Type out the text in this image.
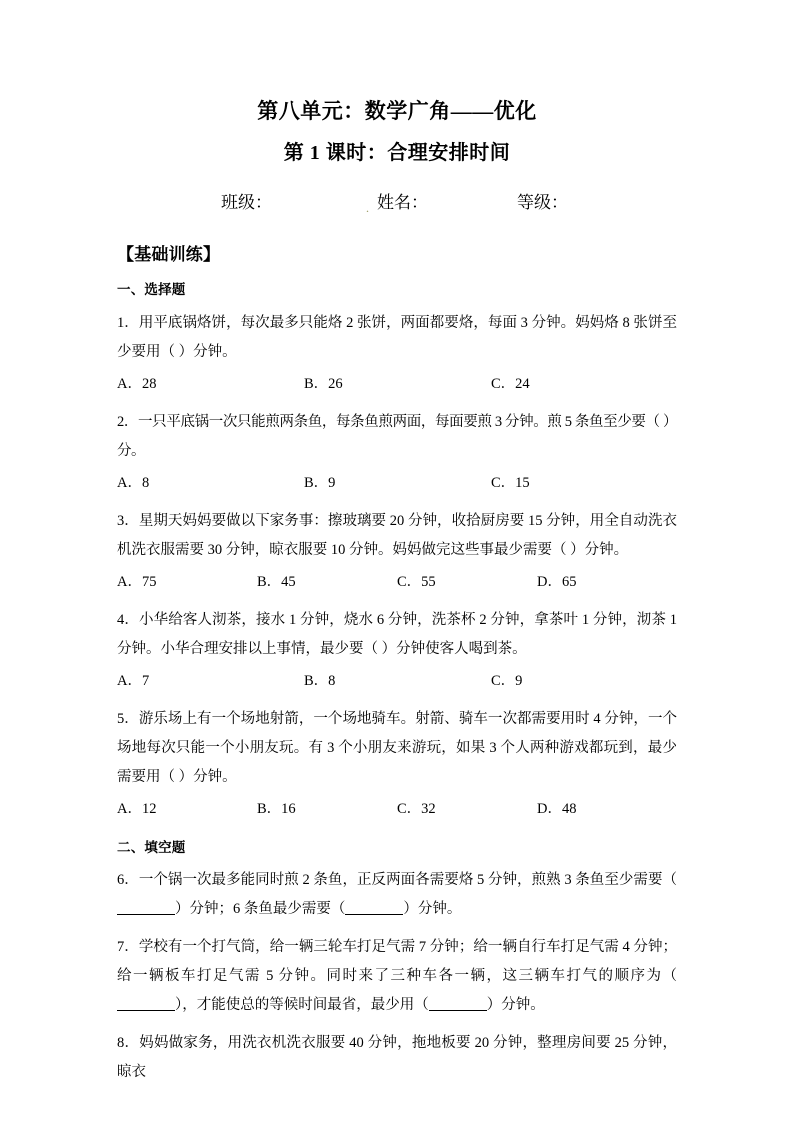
第八单元：数学广角——优化
第 1 课时：合理安排时间
班级：	. 姓名：	等级：
【基础训练】
一、选择题
1．用平底锅烙饼，每次最多只能烙 2 张饼，两面都要烙，每面 3 分钟。妈妈烙 8 张饼至少要用（ ）分钟。
A．28	B．26	C．24
2．一只平底锅一次只能煎两条鱼，每条鱼煎两面，每面要煎 3 分钟。煎 5 条鱼至少要（ ）分。
A．8	B．9	C．15
3．星期天妈妈要做以下家务事：擦玻璃要 20 分钟，收拾厨房要 15 分钟，用全自动洗衣机洗衣服需要 30 分钟，晾衣服要 10 分钟。妈妈做完这些事最少需要（ ）分钟。
A．75	B．45	C．55	D．65
4．小华给客人沏茶，接水 1 分钟，烧水 6 分钟，洗茶杯 2 分钟，拿茶叶 1 分钟，沏茶 1 分钟。小华合理安排以上事情，最少要（ ）分钟使客人喝到茶。
A．7	B．8	C．9
5．游乐场上有一个场地射箭，一个场地骑车。射箭、骑车一次都需要用时 4 分钟，一个场地每次只能一个小朋友玩。有 3 个小朋友来游玩，如果 3 个人两种游戏都玩到，最少需要用（ ）分钟。
A．12	B．16	C．32	D．48
二、填空题
6．一个锅一次最多能同时煎 2 条鱼，正反两面各需要烙 5 分钟，煎熟 3 条鱼至少需要（）分钟；6 条鱼最少需要（	）分钟。
7．学校有一个打气筒，给一辆三轮车打足气需 7 分钟；给一辆自行车打足气需 4 分钟；给一辆板车打足气需 5 分钟。同时来了三种车各一辆，这三辆车打气的顺序为（），才能使总的等候时间最省，最少用（	）分钟。
8．妈妈做家务，用洗衣机洗衣服要 40 分钟，拖地板要 20 分钟，整理房间要 25 分钟，晾衣
